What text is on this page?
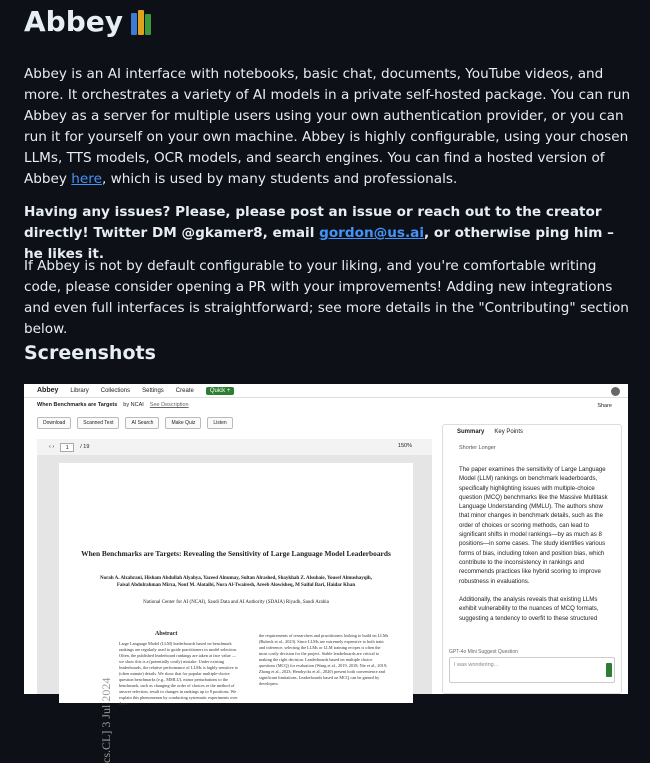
Abbey

Abbey is an AI interface with notebooks, basic chat, documents, YouTube videos, and more. It orchestrates a variety of AI models in a private self-hosted package. You can run Abbey as a server for multiple users using your own authentication provider, or you can run it for yourself on your own machine. Abbey is highly configurable, using your chosen LLMs, TTS models, OCR models, and search engines. You can find a hosted version of Abbey here, which is used by many students and professionals.

Having any issues? Please, please post an issue or reach out to the creator directly! Twitter DM @gkamer8, email gordon@us.ai, or otherwise ping him – he likes it.

If Abbey is not by default configurable to your liking, and you're comfortable writing code, please consider opening a PR with your improvements! Adding new integrations and even full interfaces is straightforward; see more details in the "Contributing" section below.

Screenshots
Abbey Library Collections Settings Create	Quick +
When Benchmarks are Targets by NCAI See Description	Share
Download	Scanned Text	AI Search	Make Quiz	Listen
‹ ›	1	/ 19	150%
When Benchmarks are Targets: Revealing the Sensitivity of Large Language Model Leaderboards
Norah A. Alzahrani, Hisham Abdullah Alyahya, Yazeed Alnumay, Sultan Alrashed, Shaykhah Z. Alsubaie, Yousef Almushayqih, Faisal Abdulrahman Mirza, Nouf M. Alotaibi, Nora Al-Twairesh, Areeb Alowisheq, M Saiful Bari, Haidar Khan
National Center for AI (NCAI), Saudi Data and AI Authority (SDAIA) Riyadh, Saudi Arabia
Abstract
Large Language Model (LLM) leaderboards based on benchmark rankings are regularly used to guide practitioners in model selection. Often, the published leaderboard rankings are taken at face value — we show this is a (potentially costly) mistake. Under existing leaderboards, the relative performance of LLMs is highly sensitive to (often minute) details. We show that for popular multiple-choice question benchmarks (e.g., MMLU), minor perturbations to the benchmark, such as changing the order of choices or the method of answer selection, result in changes in rankings up to 8 positions. We explain this phenomenon by conducting systematic experiments over three
the requirements of researchers and practitioners looking to build on LLMs (Bubeck et al., 2023). Since LLMs are extremely expensive to both train and inference, selecting the LLMs or LLM training recipes is often the most costly decision for the project. Stable leaderboards are critical to making the right decision. Leaderboards based on multiple choice questions (MCQ) for evaluation (Wang et al., 2019, 2018; Nie et al., 2019; Zhong et al., 2023; Hendrycks et al., 2020) present both convenience and significant limitations. Leaderboards based on MCQ can be gamed by developers.
cs.CL] 3 Jul 2024
Summary Key Points
Shorter Longer
The paper examines the sensitivity of Large Language Model (LLM) rankings on benchmark leaderboards, specifically highlighting issues with multiple-choice question (MCQ) benchmarks like the Massive Multitask Language Understanding (MMLU). The authors show that minor changes in benchmark details, such as the order of choices or scoring methods, can lead to significant shifts in model rankings—by as much as 8 positions—in some cases. The study identifies various forms of bias, including token and position bias, which contribute to the inconsistency in rankings and recommends practices like hybrid scoring to improve robustness in evaluations.

Additionally, the analysis reveals that existing LLMs exhibit vulnerability to the nuances of MCQ formats, suggesting a tendency to overfit to these structured
GPT-4o Mini Suggest Question
I was wondering...
